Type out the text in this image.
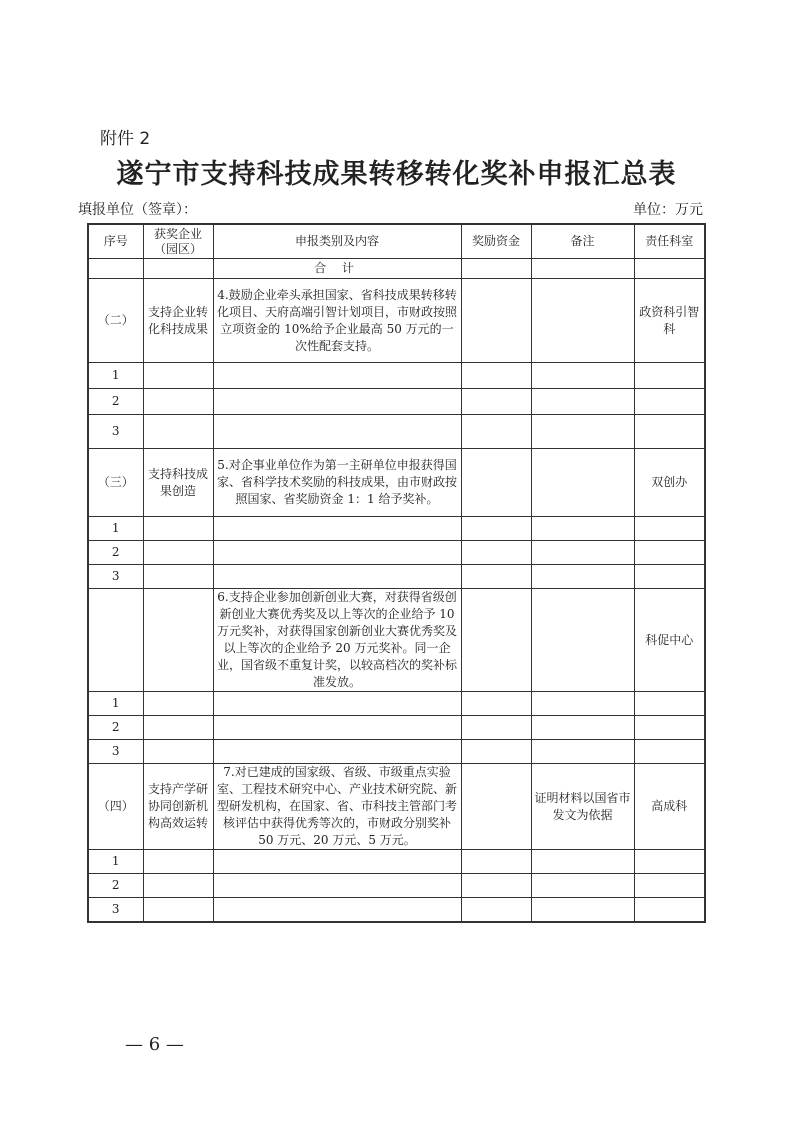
附件 2
遂宁市支持科技成果转移转化奖补申报汇总表
填报单位（签章）：	单位：万元
序号	获奖企业（园区）	申报类别及内容	奖励资金	备注	责任科室
		合 计			
（二）	支持企业转化科技成果	4.鼓励企业牵头承担国家、省科技成果转移转化项目、天府高端引智计划项目，市财政按照立项资金的 10%给予企业最高 50 万元的一次性配套支持。			政资科引智科
1					
2					
3					
（三）	支持科技成果创造	5.对企事业单位作为第一主研单位申报获得国家、省科学技术奖励的科技成果，由市财政按照国家、省奖励资金 1：1 给予奖补。			双创办
1					
2					
3					
		6.支持企业参加创新创业大赛，对获得省级创新创业大赛优秀奖及以上等次的企业给予 10 万元奖补，对获得国家创新创业大赛优秀奖及以上等次的企业给予 20 万元奖补。同一企业，国省级不重复计奖，以较高档次的奖补标准发放。			科促中心
1					
2					
3					
（四）	支持产学研协同创新机构高效运转	7.对已建成的国家级、省级、市级重点实验室、工程技术研究中心、产业技术研究院、新型研发机构，在国家、省、市科技主管部门考核评估中获得优秀等次的，市财政分别奖补 50 万元、20 万元、5 万元。		证明材料以国省市发文为依据	高成科
1					
2					
3					
— 6 —
